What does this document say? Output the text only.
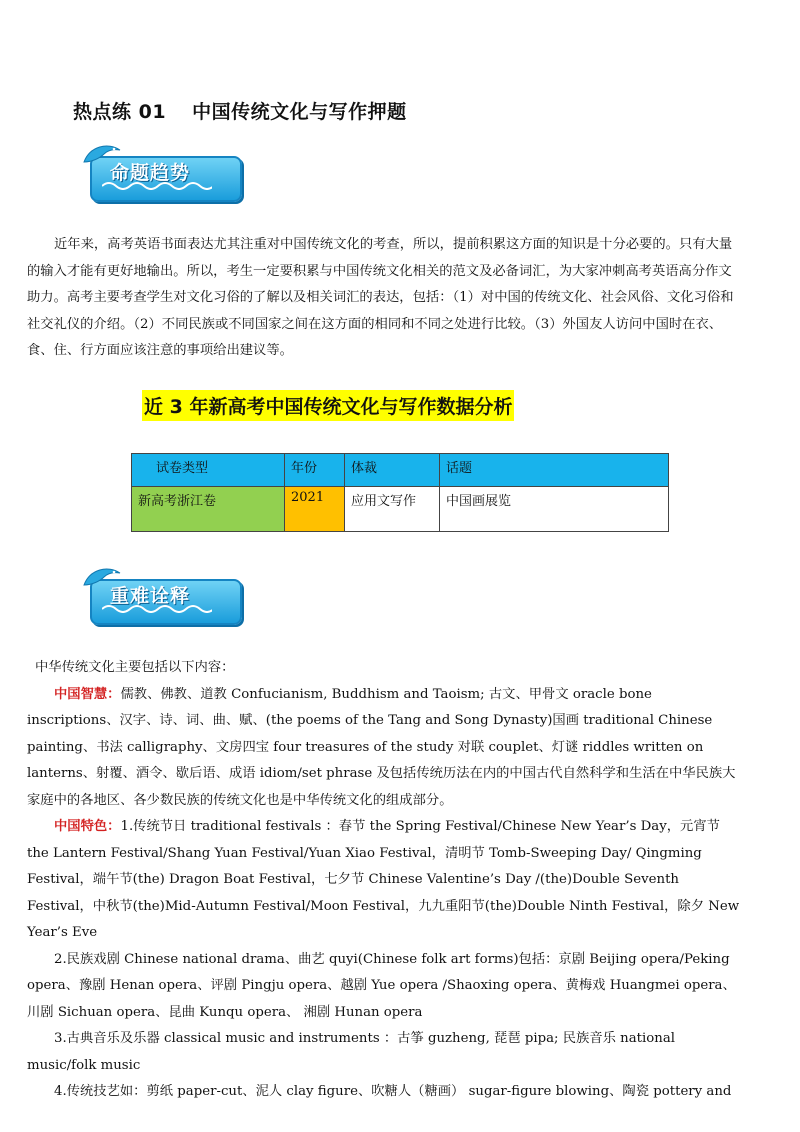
热点练 01 中国传统文化与写作押题
命题趋势

近年来，高考英语书面表达尤其注重对中国传统文化的考查，所以，提前积累这方面的知识是十分必要的。只有大量的输入才能有更好地输出。所以，考生一定要积累与中国传统文化相关的范文及必备词汇，为大家冲刺高考英语高分作文助力。高考主要考查学生对文化习俗的了解以及相关词汇的表达，包括：（1）对中国的传统文化、社会风俗、文化习俗和社交礼仪的介绍。（2）不同民族或不同国家之间在这方面的相同和不同之处进行比较。（3）外国友人访问中国时在衣、食、住、行方面应该注意的事项给出建议等。

近 3 年新高考中国传统文化与写作数据分析
试卷类型	年份	体裁	话题
新高考浙江卷	2021	应用文写作	中国画展览
重难诠释

中华传统文化主要包括以下内容：

中国智慧：儒教、佛教、道教 Confucianism, Buddhism and Taoism; 古文、甲骨文 oracle bone inscriptions、汉字、诗、词、曲、赋、(the poems of the Tang and Song Dynasty)国画 traditional Chinese painting、书法 calligraphy、文房四宝 four treasures of the study 对联 couplet、灯谜 riddles written on lanterns、射覆、酒令、歇后语、成语 idiom/set phrase 及包括传统历法在内的中国古代自然科学和生活在中华民族大家庭中的各地区、各少数民族的传统文化也是中华传统文化的组成部分。

中国特色：1.传统节日 traditional festivals ：春节 the Spring Festival/Chinese New Year’s Day，元宵节 the Lantern Festival/Shang Yuan Festival/Yuan Xiao Festival，清明节 Tomb-Sweeping Day/ Qingming Festival，端午节(the) Dragon Boat Festival，七夕节 Chinese Valentine’s Day /(the)Double Seventh Festival，中秋节(the)Mid-Autumn Festival/Moon Festival，九九重阳节(the)Double Ninth Festival，除夕 New Year’s Eve

2.民族戏剧 Chinese national drama、曲艺 quyi(Chinese folk art forms)包括：京剧 Beijing opera/Peking opera、豫剧 Henan opera、评剧 Pingju opera、越剧 Yue opera /Shaoxing opera、黄梅戏 Huangmei opera、川剧 Sichuan opera、昆曲 Kunqu opera、 湘剧 Hunan opera

3.古典音乐及乐器 classical music and instruments ：古筝 guzheng, 琵琶 pipa; 民族音乐 national music/folk music

4.传统技艺如：剪纸 paper-cut、泥人 clay figure、吹糖人（糖画） sugar-figure blowing、陶瓷 pottery and
